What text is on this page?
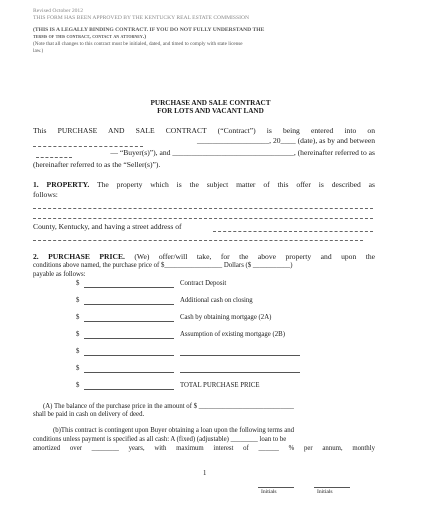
Revised October 2012
THIS FORM HAS BEEN APPROVED BY THE KENTUCKY REAL ESTATE COMMISSION
(THIS IS A LEGALLY BINDING CONTRACT. IF YOU DO NOT FULLY UNDERSTAND THE
terms of this contract, contact an attorney.)
(Note that all changes to this contract must be initialed, dated, and timed to comply with state license
law.)
PURCHASE AND SALE CONTRACT
FOR LOTS AND VACANT LAND
This PURCHASE AND SALE CONTRACT (“Contract”) is being entered into on
___________________, 20____ (date), as by and between
— “Buyer(s)”), and ________________________________, (hereinafter referred to as
(hereinafter referred to as the “Seller(s)”).
1. PROPERTY. The property which is the subject matter of this offer is described as
follows:
County, Kentucky, and having a street address of
2. PURCHASE PRICE. (We) offer/will take, for the above property and upon the
conditions above named, the purchase price of $_________________ Dollars ($ ___________)
payable as follows:
$	Contract Deposit
$	Additional cash on closing
$	Cash by obtaining mortgage (2A)
$	Assumption of existing mortgage (2B)
$
$
$	TOTAL PURCHASE PRICE
(A) The balance of the purchase price in the amount of $ ____________________________
shall be paid in cash on delivery of deed.
(b)This contract is contingent upon Buyer obtaining a loan upon the following terms and
conditions unless payment is specified as all cash: A (fixed) (adjustable) ________ loan to be
amortized over ________ years, with maximum interest of ______ % per annum, monthly
1
Initials	Initials
